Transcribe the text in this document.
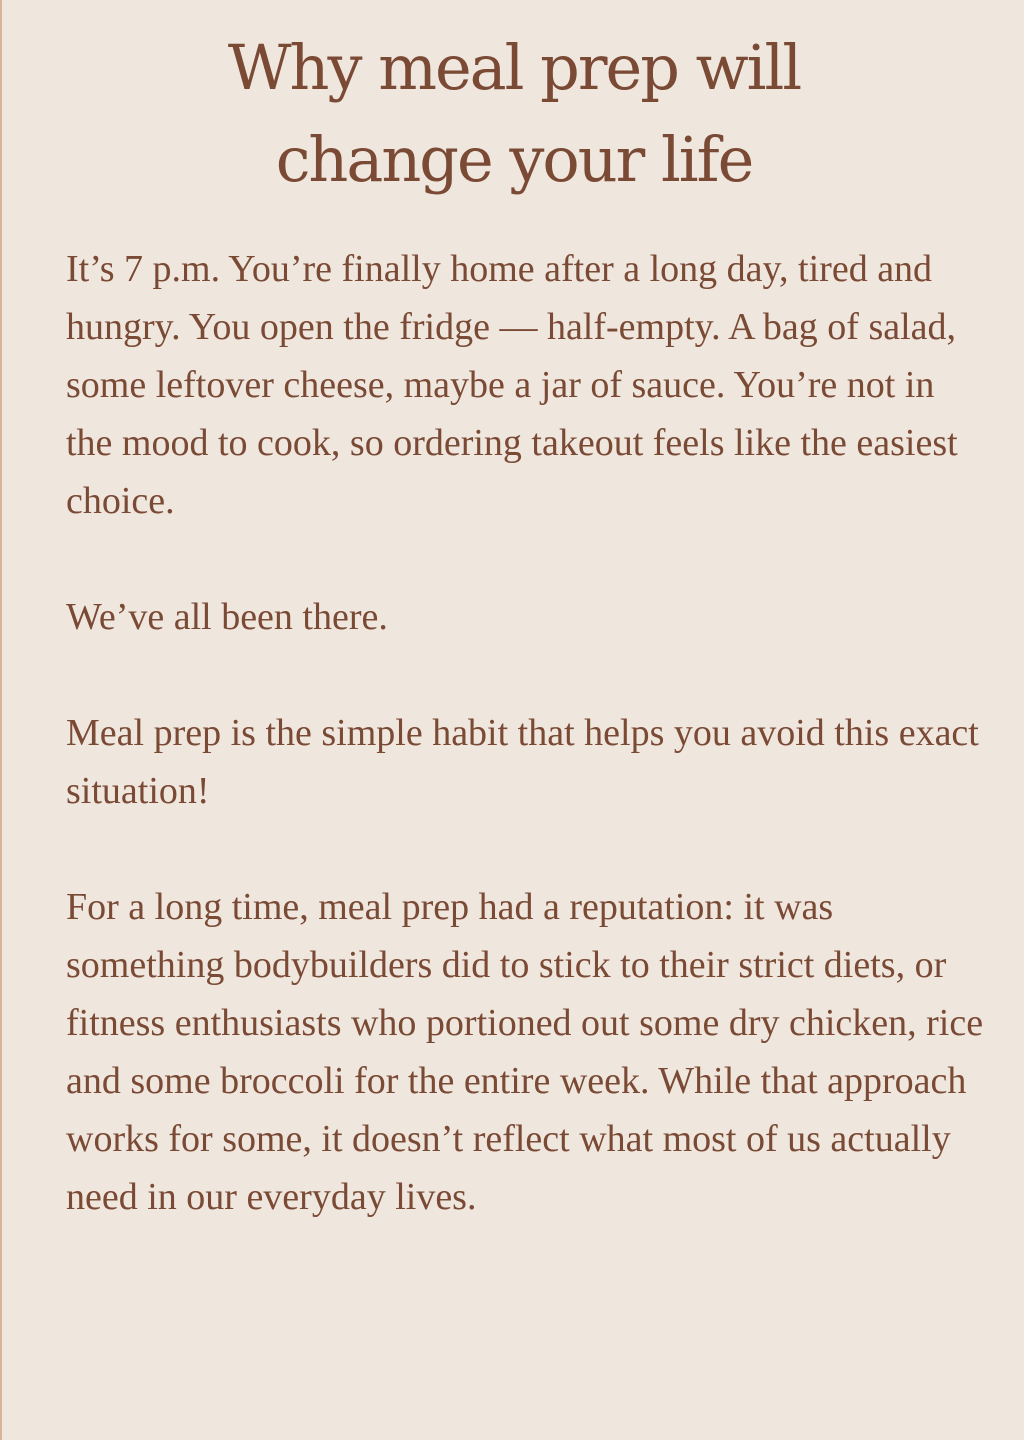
Why meal prep will
change your life

It’s 7 p.m. You’re finally home after a long day, tired and hungry. You open the fridge — half-empty. A bag of salad, some leftover cheese, maybe a jar of sauce. You’re not in the mood to cook, so ordering takeout feels like the easiest choice.

We’ve all been there.

Meal prep is the simple habit that helps you avoid this exact situation!

For a long time, meal prep had a reputation: it was something bodybuilders did to stick to their strict diets, or fitness enthusiasts who portioned out some dry chicken, rice and some broccoli for the entire week. While that approach works for some, it doesn’t reflect what most of us actually need in our everyday lives.
